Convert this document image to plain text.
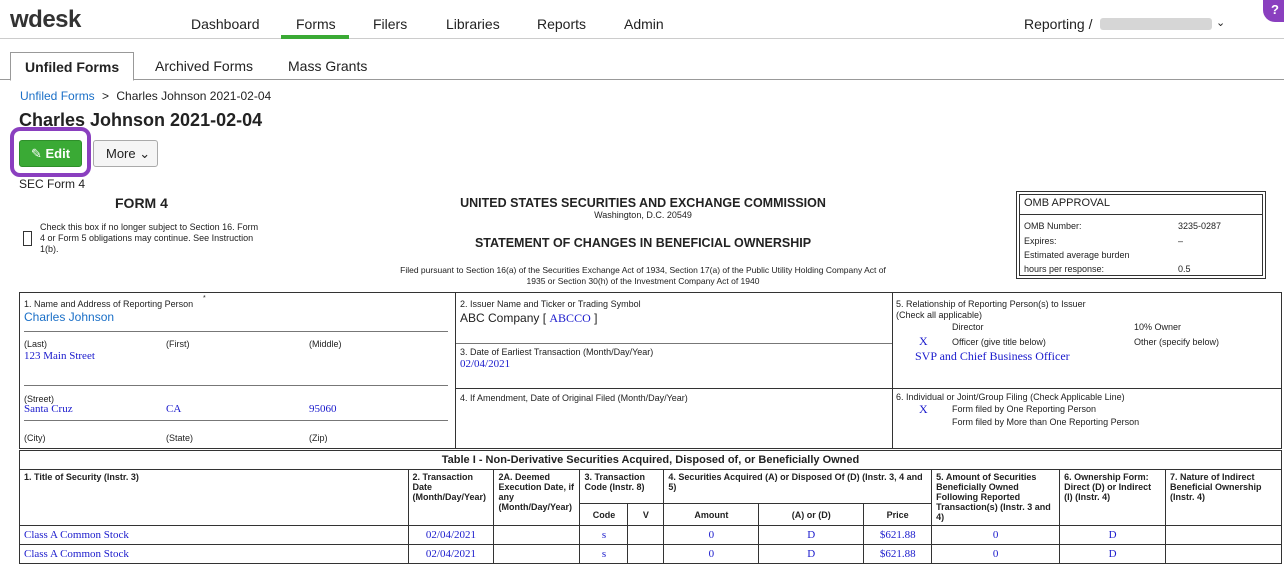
wdesk	Dashboard	Forms	Filers	Libraries	Reports	Admin	Reporting /	⌄
?
Unfiled Forms	Archived Forms Mass Grants
Unfiled Forms > Charles Johnson 2021-02-04
Charles Johnson 2021-02-04
✎ Edit	More ⌄
SEC Form 4
FORM 4
Check this box if no longer subject to Section 16. Form 4 or Form 5 obligations may continue. See Instruction 1(b).
UNITED STATES SECURITIES AND EXCHANGE COMMISSION
Washington, D.C. 20549
STATEMENT OF CHANGES IN BENEFICIAL OWNERSHIP
Filed pursuant to Section 16(a) of the Securities Exchange Act of 1934, Section 17(a) of the Public Utility Holding Company Act of 1935 or Section 30(h) of the Investment Company Act of 1940
OMB APPROVAL
OMB Number:	3235-0287
Expires:	–
Estimated average burden
hours per response:	0.5
1. Name and Address of Reporting Person
*
Charles Johnson
(Last)	(First)	(Middle)
123 Main Street
(Street)
Santa Cruz	CA	95060
(City)	(State)	(Zip)
2. Issuer Name and Ticker or Trading Symbol
ABC Company [ ABCCO ]
3. Date of Earliest Transaction (Month/Day/Year)
02/04/2021
4. If Amendment, Date of Original Filed (Month/Day/Year)
5. Relationship of Reporting Person(s) to Issuer
(Check all applicable)
Director	10% Owner
X	Officer (give title below)	Other (specify below)
SVP and Chief Business Officer
6. Individual or Joint/Group Filing (Check Applicable Line)
X	Form filed by One Reporting Person
Form filed by More than One Reporting Person
Table I - Non-Derivative Securities Acquired, Disposed of, or Beneficially Owned										
1. Title of Security (Instr. 3)	2. Transaction Date (Month/Day/Year)	2A. Deemed Execution Date, if any (Month/Day/Year)	3. Transaction Code (Instr. 8)		4. Securities Acquired (A) or Disposed Of (D) (Instr. 3, 4 and 5)			5. Amount of Securities Beneficially Owned Following Reported Transaction(s) (Instr. 3 and 4)	6. Ownership Form: Direct (D) or Indirect (I) (Instr. 4)	7. Nature of Indirect Beneficial Ownership (Instr. 4)
			Code	V	Amount	(A) or (D)	Price			
Class A Common Stock	02/04/2021		s		0	D	$621.88	0	D	
Class A Common Stock	02/04/2021		s		0	D	$621.88	0	D	
